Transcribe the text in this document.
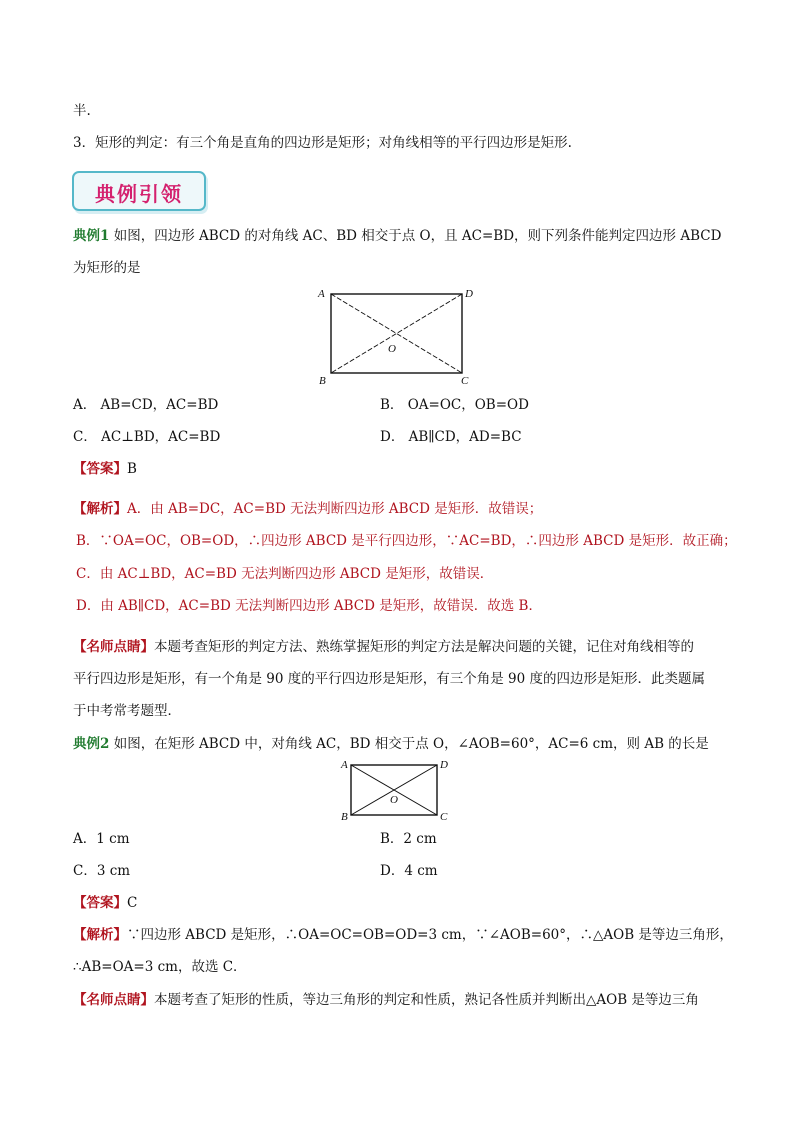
半.
3．矩形的判定：有三个角是直角的四边形是矩形；对角线相等的平行四边形是矩形.
典例引领
典例1 如图，四边形 ABCD 的对角线 AC、BD 相交于点 O，且 AC=BD，则下列条件能判定四边形 ABCD
为矩形的是
A	D
B	C
O
A． AB=CD，AC=BD	B． OA=OC，OB=OD
C． AC⊥BD，AC=BD	D． AB∥CD，AD=BC
【答案】B
【解析】A．由 AB=DC，AC=BD 无法判断四边形 ABCD 是矩形．故错误；
B．∵OA=OC，OB=OD，∴四边形 ABCD 是平行四边形，∵AC=BD，∴四边形 ABCD 是矩形．故正确；
C．由 AC⊥BD，AC=BD 无法判断四边形 ABCD 是矩形，故错误．
D．由 AB∥CD，AC=BD 无法判断四边形 ABCD 是矩形，故错误．故选 B．
【名师点睛】本题考查矩形的判定方法、熟练掌握矩形的判定方法是解决问题的关键，记住对角线相等的
平行四边形是矩形，有一个角是 90 度的平行四边形是矩形，有三个角是 90 度的四边形是矩形．此类题属
于中考常考题型．
典例2 如图，在矩形 ABCD 中，对角线 AC，BD 相交于点 O，∠AOB=60°，AC=6 cm，则 AB 的长是
A	D
B	C
O
A．1 cm	B．2 cm
C．3 cm	D．4 cm
【答案】C
【解析】∵四边形 ABCD 是矩形，∴OA=OC=OB=OD=3 cm，∵∠AOB=60°，∴△AOB 是等边三角形，
∴AB=OA=3 cm，故选 C．
【名师点睛】本题考查了矩形的性质，等边三角形的判定和性质，熟记各性质并判断出△AOB 是等边三角
